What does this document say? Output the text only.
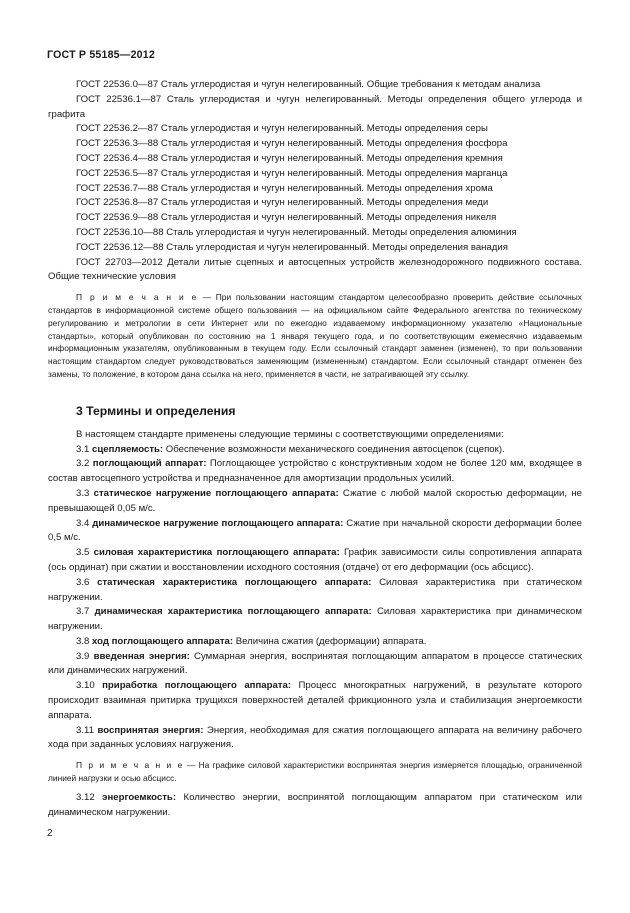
ГОСТ Р 55185—2012

ГОСТ 22536.0—87 Сталь углеродистая и чугун нелегированный. Общие требования к методам анализа

ГОСТ 22536.1—87 Сталь углеродистая и чугун нелегированный. Методы определения общего углерода и графита

ГОСТ 22536.2—87 Сталь углеродистая и чугун нелегированный. Методы определения серы

ГОСТ 22536.3—88 Сталь углеродистая и чугун нелегированный. Методы определения фосфора

ГОСТ 22536.4—88 Сталь углеродистая и чугун нелегированный. Методы определения кремния

ГОСТ 22536.5—87 Сталь углеродистая и чугун нелегированный. Методы определения марганца

ГОСТ 22536.7—88 Сталь углеродистая и чугун нелегированный. Методы определения хрома

ГОСТ 22536.8—87 Сталь углеродистая и чугун нелегированный. Методы определения меди

ГОСТ 22536.9—88 Сталь углеродистая и чугун нелегированный. Методы определения никеля

ГОСТ 22536.10—88 Сталь углеродистая и чугун нелегированный. Методы определения алюминия

ГОСТ 22536.12—88 Сталь углеродистая и чугун нелегированный. Методы определения ванадия

ГОСТ 22703—2012 Детали литые сцепных и автосцепных устройств железнодорожного подвижного состава. Общие технические условия

П р и м е ч а н и е — При пользовании настоящим стандартом целесообразно проверить действие ссылочных стандартов в информационной системе общего пользования — на официальном сайте Федерального агентства по техническому регулированию и метрологии в сети Интернет или по ежегодно издаваемому информационному указателю «Национальные стандарты», который опубликован по состоянию на 1 января текущего года, и по соответствующим ежемесячно издаваемым информационным указателям, опубликованным в текущем году. Если ссылочный стандарт заменен (изменен), то при пользовании настоящим стандартом следует руководствоваться заменяющим (измененным) стандартом. Если ссылочный стандарт отменен без замены, то положение, в котором дана ссылка на него, применяется в части, не затрагивающей эту ссылку.

3 Термины и определения

В настоящем стандарте применены следующие термины с соответствующими определениями:

3.1 сцепляемость: Обеспечение возможности механического соединения автосцепок (сцепок).

3.2 поглощающий аппарат: Поглощающее устройство с конструктивным ходом не более 120 мм, входящее в состав автосцепного устройства и предназначенное для амортизации продольных усилий.

3.3 статическое нагружение поглощающего аппарата: Сжатие с любой малой скоростью деформации, не превышающей 0,05 м/с.

3.4 динамическое нагружение поглощающего аппарата: Сжатие при начальной скорости деформации более 0,5 м/с.

3.5 силовая характеристика поглощающего аппарата: График зависимости силы сопротивления аппарата (ось ординат) при сжатии и восстановлении исходного состояния (отдаче) от его деформации (ось абсцисс).

3.6 статическая характеристика поглощающего аппарата: Силовая характеристика при статическом нагружении.

3.7 динамическая характеристика поглощающего аппарата: Силовая характеристика при динамическом нагружении.

3.8 ход поглощающего аппарата: Величина сжатия (деформации) аппарата.

3.9 введенная энергия: Суммарная энергия, воспринятая поглощающим аппаратом в процессе статических или динамических нагружений.

3.10 приработка поглощающего аппарата: Процесс многократных нагружений, в результате которого происходит взаимная притирка трущихся поверхностей деталей фрикционного узла и стабилизация энергоемкости аппарата.

3.11 воспринятая энергия: Энергия, необходимая для сжатия поглощающего аппарата на величину рабочего хода при заданных условиях нагружения.

П р и м е ч а н и е — На графике силовой характеристики воспринятая энергия измеряется площадью, ограниченной линией нагрузки и осью абсцисс.

3.12 энергоемкость: Количество энергии, воспринятой поглощающим аппаратом при статическом или динамическом нагружении.

2
